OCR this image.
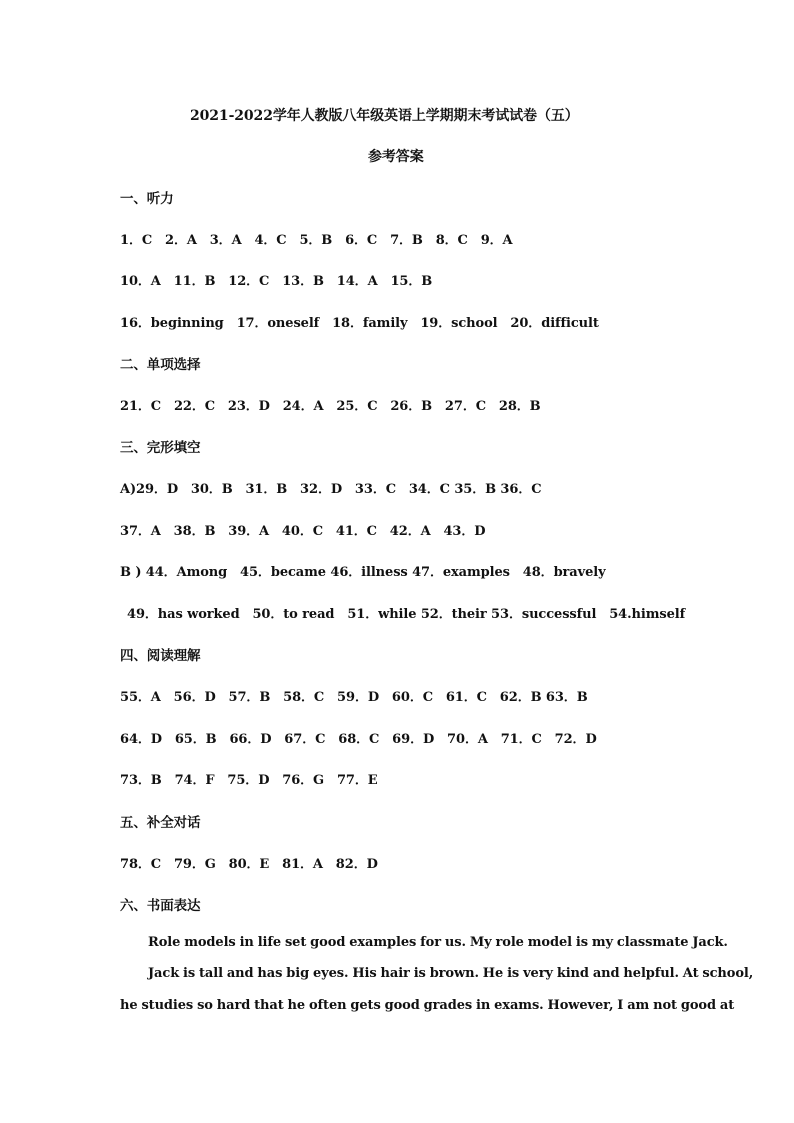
2021-2022学年人教版八年级英语上学期期末考试试卷（五）
参考答案
一、听力
1．C　2．A　3．A　4．C　5．B　6．C　7．B　8．C　9．A
10．A　11．B　12．C　13．B　14．A　15．B
16．beginning　17．oneself　18．family　19．school　20．difficult
二、单项选择
21．C　22．C　23．D　24．A　25．C　26．B　27．C　28．B
三、完形填空
A)29．D　30．B　31．B　32．D　33．C　34．C 35．B 36．C
37．A　38．B　39．A　40．C　41．C　42．A　43．D
B ) 44．Among　45．became 46．illness 47．examples　48．bravely
49．has worked　50．to read　51．while 52．their 53．successful　54.himself
四、阅读理解
55．A　56．D　57．B　58．C　59．D　60．C　61．C　62．B 63．B
64．D　65．B　66．D　67．C　68．C　69．D　70．A　71．C　72．D
73．B　74．F　75．D　76．G　77．E
五、补全对话
78．C　79．G　80．E　81．A　82．D
六、书面表达
Role models in life set good examples for us. My role model is my classmate Jack.
Jack is tall and has big eyes. His hair is brown. He is very kind and helpful. At school,
he studies so hard that he often gets good grades in exams. However, I am not good at
